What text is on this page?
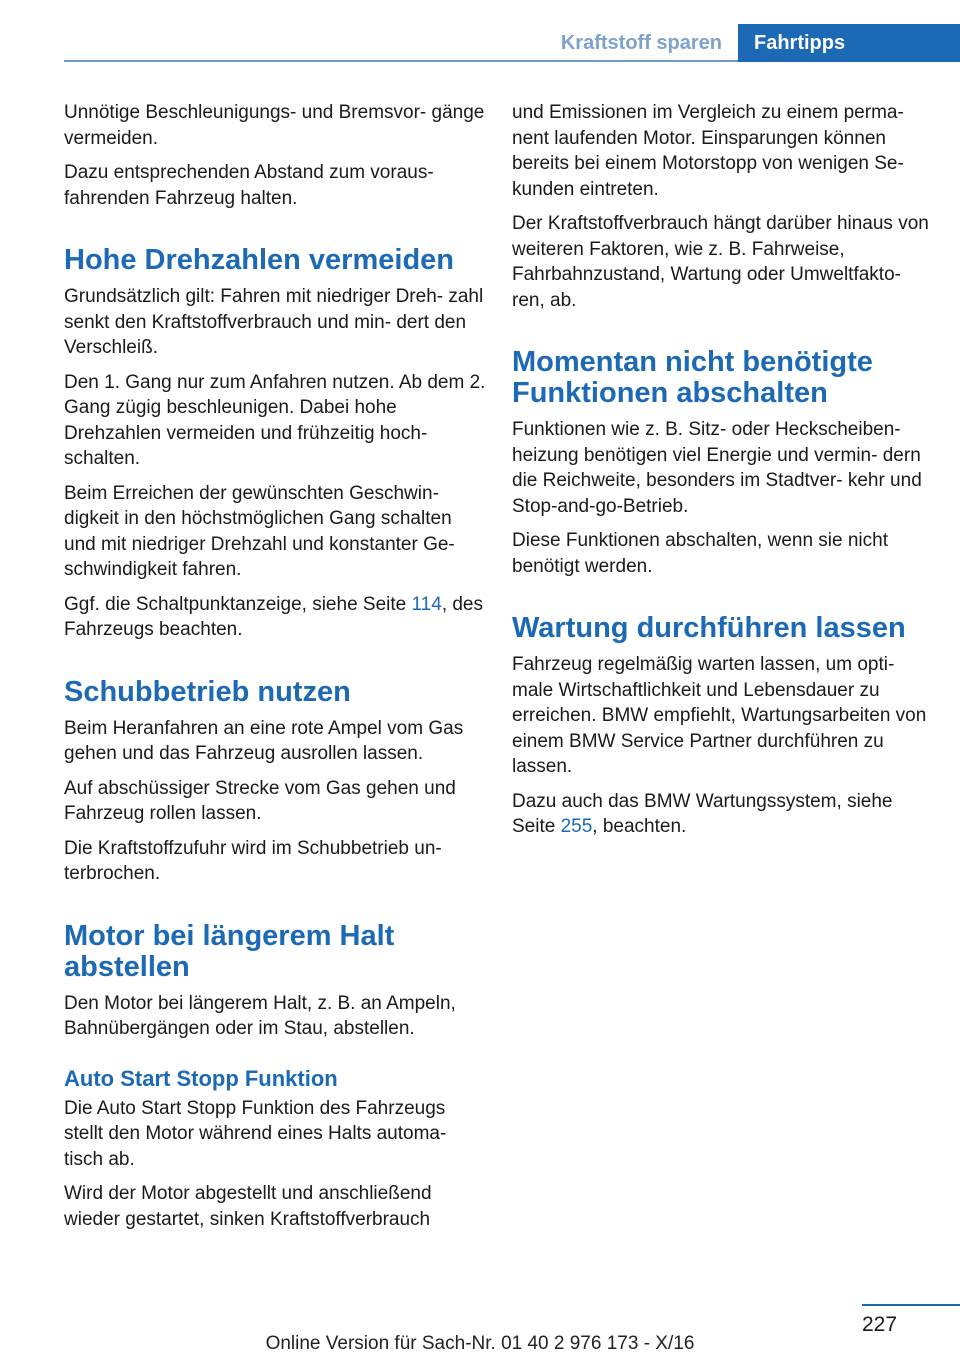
Kraftstoff sparen	Fahrtipps

Unnötige Beschleunigungs- und Bremsvor‐ gänge vermeiden.

Dazu entsprechenden Abstand zum voraus‐ fahrenden Fahrzeug halten.

Hohe Drehzahlen vermeiden

Grundsätzlich gilt: Fahren mit niedriger Dreh‐ zahl senkt den Kraftstoffverbrauch und min‐ dert den Verschleiß.

Den 1. Gang nur zum Anfahren nutzen. Ab dem 2. Gang zügig beschleunigen. Dabei hohe Drehzahlen vermeiden und frühzeitig hoch‐ schalten.

Beim Erreichen der gewünschten Geschwin‐ digkeit in den höchstmöglichen Gang schalten und mit niedriger Drehzahl und konstanter Ge‐ schwindigkeit fahren.

Ggf. die Schaltpunktanzeige, siehe Seite 114, des Fahrzeugs beachten.

Schubbetrieb nutzen

Beim Heranfahren an eine rote Ampel vom Gas gehen und das Fahrzeug ausrollen lassen.

Auf abschüssiger Strecke vom Gas gehen und Fahrzeug rollen lassen.

Die Kraftstoffzufuhr wird im Schubbetrieb un‐ terbrochen.

Motor bei längerem Halt abstellen

Den Motor bei längerem Halt, z. B. an Ampeln, Bahnübergängen oder im Stau, abstellen.

Auto Start Stopp Funktion

Die Auto Start Stopp Funktion des Fahrzeugs stellt den Motor während eines Halts automa‐ tisch ab.

Wird der Motor abgestellt und anschließend wieder gestartet, sinken Kraftstoffverbrauch

und Emissionen im Vergleich zu einem perma‐ nent laufenden Motor. Einsparungen können bereits bei einem Motorstopp von wenigen Se‐ kunden eintreten.

Der Kraftstoffverbrauch hängt darüber hinaus von weiteren Faktoren, wie z. B. Fahrweise, Fahrbahnzustand, Wartung oder Umweltfakto‐ ren, ab.

Momentan nicht benötigte Funktionen abschalten

Funktionen wie z. B. Sitz- oder Heckscheiben‐ heizung benötigen viel Energie und vermin‐ dern die Reichweite, besonders im Stadtver‐ kehr und Stop-and-go-Betrieb.

Diese Funktionen abschalten, wenn sie nicht benötigt werden.

Wartung durchführen lassen

Fahrzeug regelmäßig warten lassen, um opti‐ male Wirtschaftlichkeit und Lebensdauer zu erreichen. BMW empfiehlt, Wartungsarbeiten von einem BMW Service Partner durchführen zu lassen.

Dazu auch das BMW Wartungssystem, siehe Seite 255, beachten.

227
Online Version für Sach-Nr. 01 40 2 976 173 - X/16
